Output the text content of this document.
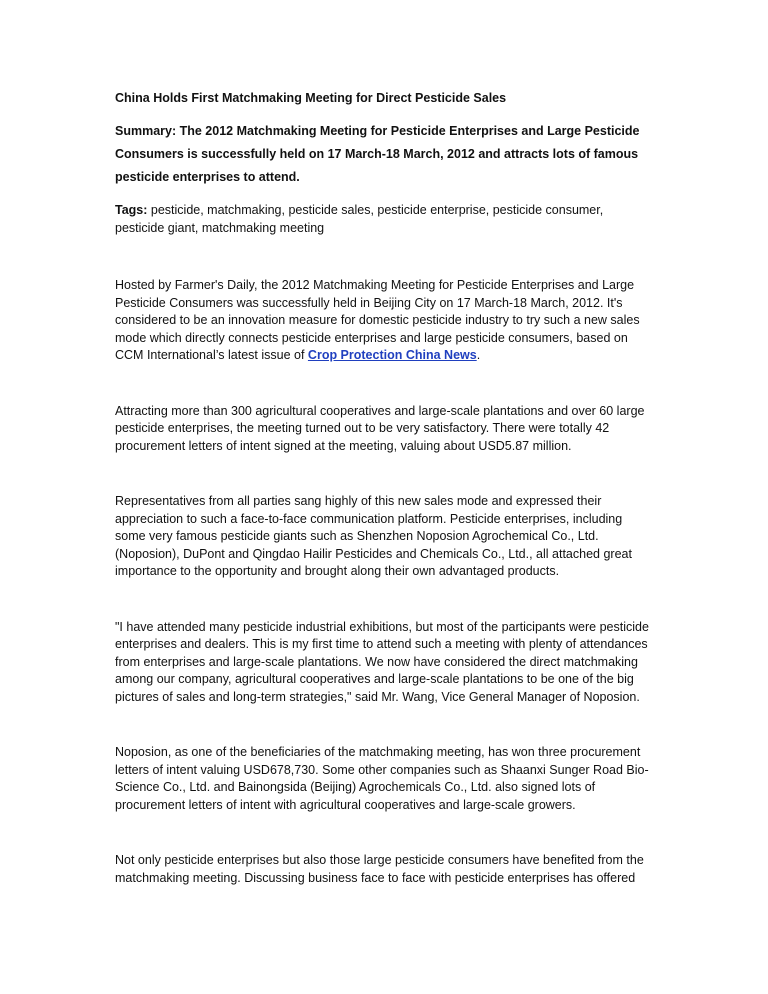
China Holds First Matchmaking Meeting for Direct Pesticide Sales

Summary: The 2012 Matchmaking Meeting for Pesticide Enterprises and Large Pesticide Consumers is successfully held on 17 March-18 March, 2012 and attracts lots of famous pesticide enterprises to attend.

Tags: pesticide, matchmaking, pesticide sales, pesticide enterprise, pesticide consumer, pesticide giant, matchmaking meeting

Hosted by Farmer's Daily, the 2012 Matchmaking Meeting for Pesticide Enterprises and Large Pesticide Consumers was successfully held in Beijing City on 17 March-18 March, 2012. It's considered to be an innovation measure for domestic pesticide industry to try such a new sales mode which directly connects pesticide enterprises and large pesticide consumers, based on CCM International’s latest issue of Crop Protection China News.

Attracting more than 300 agricultural cooperatives and large-scale plantations and over 60 large pesticide enterprises, the meeting turned out to be very satisfactory. There were totally 42 procurement letters of intent signed at the meeting, valuing about USD5.87 million.

Representatives from all parties sang highly of this new sales mode and expressed their appreciation to such a face-to-face communication platform. Pesticide enterprises, including some very famous pesticide giants such as Shenzhen Noposion Agrochemical Co., Ltd. (Noposion), DuPont and Qingdao Hailir Pesticides and Chemicals Co., Ltd., all attached great importance to the opportunity and brought along their own advantaged products.

"I have attended many pesticide industrial exhibitions, but most of the participants were pesticide enterprises and dealers. This is my first time to attend such a meeting with plenty of attendances from enterprises and large-scale plantations. We now have considered the direct matchmaking among our company, agricultural cooperatives and large-scale plantations to be one of the big pictures of sales and long-term strategies," said Mr. Wang, Vice General Manager of Noposion.

Noposion, as one of the beneficiaries of the matchmaking meeting, has won three procurement letters of intent valuing USD678,730. Some other companies such as Shaanxi Sunger Road Bio-Science Co., Ltd. and Bainongsida (Beijing) Agrochemicals Co., Ltd. also signed lots of procurement letters of intent with agricultural cooperatives and large-scale growers.

Not only pesticide enterprises but also those large pesticide consumers have benefited from the matchmaking meeting. Discussing business face to face with pesticide enterprises has offered
